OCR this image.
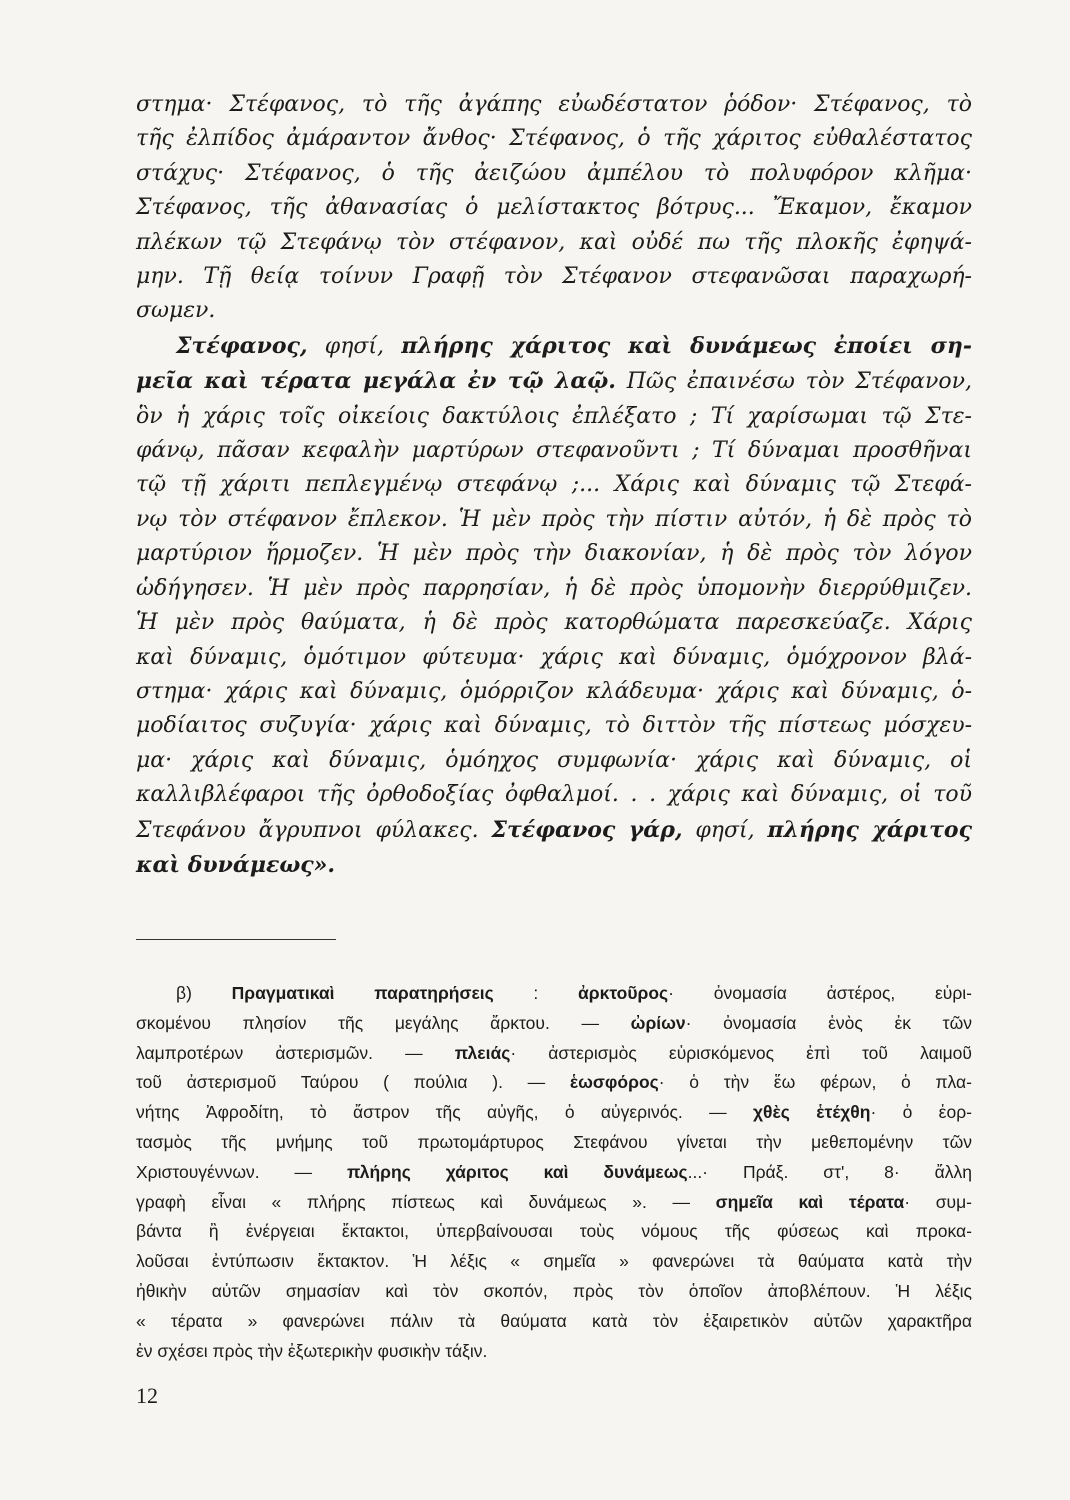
στημα· Στέφανος, τὸ τῆς ἀγάπης εὐωδέστατον ῥόδον· Στέφανος, τὸ
τῆς ἐλπίδος ἀμάραντον ἄνθος· Στέφανος, ὁ τῆς χάριτος εὐθαλέστατος
στάχυς· Στέφανος, ὁ τῆς ἀειζώου ἀμπέλου τὸ πολυφόρον κλῆμα·
Στέφανος, τῆς ἀθανασίας ὁ μελίστακτος βότρυς... Ἔκαμον, ἔκαμον
πλέκων τῷ Στεφάνῳ τὸν στέφανον, καὶ οὐδέ πω τῆς πλοκῆς ἐφηψά-
μην. Τῇ θείᾳ τοίνυν Γραφῇ τὸν Στέφανον στεφανῶσαι παραχωρή-
σωμεν.
Στέφανος, φησί, πλήρης χάριτος καὶ δυνάμεως ἐποίει ση-
μεῖα καὶ τέρατα μεγάλα ἐν τῷ λαῷ. Πῶς ἐπαινέσω τὸν Στέφανον,
ὃν ἡ χάρις τοῖς οἰκείοις δακτύλοις ἐπλέξατο ; Τί χαρίσωμαι τῷ Στε-
φάνῳ, πᾶσαν κεφαλὴν μαρτύρων στεφανοῦντι ; Τί δύναμαι προσθῆναι
τῷ τῇ χάριτι πεπλεγμένῳ στεφάνῳ ;... Χάρις καὶ δύναμις τῷ Στεφά-
νῳ τὸν στέφανον ἔπλεκον. Ἡ μὲν πρὸς τὴν πίστιν αὐτόν, ἡ δὲ πρὸς τὸ
μαρτύριον ἥρμοζεν. Ἡ μὲν πρὸς τὴν διακονίαν, ἡ δὲ πρὸς τὸν λόγον
ὡδήγησεν. Ἡ μὲν πρὸς παρρησίαν, ἡ δὲ πρὸς ὑπομονὴν διερρύθμιζεν.
Ἡ μὲν πρὸς θαύματα, ἡ δὲ πρὸς κατορθώματα παρεσκεύαζε. Χάρις
καὶ δύναμις, ὁμότιμον φύτευμα· χάρις καὶ δύναμις, ὁμόχρονον βλά-
στημα· χάρις καὶ δύναμις, ὁμόρριζον κλάδευμα· χάρις καὶ δύναμις, ὁ-
μοδίαιτος συζυγία· χάρις καὶ δύναμις, τὸ διττὸν τῆς πίστεως μόσχευ-
μα· χάρις καὶ δύναμις, ὁμόηχος συμφωνία· χάρις καὶ δύναμις, οἱ
καλλιβλέφαροι τῆς ὀρθοδοξίας ὀφθαλμοί. . . χάρις καὶ δύναμις, οἱ τοῦ
Στεφάνου ἄγρυπνοι φύλακες. Στέφανος γάρ, φησί, πλήρης χάριτος
καὶ δυνάμεως».
β) Πραγματικαὶ παρατηρήσεις : ἀρκτοῦρος· ὀνομασία ἀστέρος, εὑρι-
σκομένου πλησίον τῆς μεγάλης ἄρκτου. — ὠρίων· ὀνομασία ἑνὸς ἐκ τῶν
λαμπροτέρων ἀστερισμῶν. — πλειάς· ἀστερισμὸς εὑρισκόμενος ἐπὶ τοῦ λαιμοῦ
τοῦ ἀστερισμοῦ Ταύρου ( πούλια ). — ἑωσφόρος· ὁ τὴν ἕω φέρων, ὁ πλα-
νήτης Ἀφροδίτη, τὸ ἄστρον τῆς αὐγῆς, ὁ αὐγερινός. — χθὲς ἑτέχθη· ὁ ἑορ-
τασμὸς τῆς μνήμης τοῦ πρωτομάρτυρος Στεφάνου γίνεται τὴν μεθεπομένην τῶν
Χριστουγέννων. — πλήρης χάριτος καὶ δυνάμεως...· Πράξ. στ', 8· ἄλλη
γραφὴ εἶναι « πλήρης πίστεως καὶ δυνάμεως ». — σημεῖα καὶ τέρατα· συμ-
βάντα ἢ ἐνέργειαι ἔκτακτοι, ὑπερβαίνουσαι τοὺς νόμους τῆς φύσεως καὶ προκα-
λοῦσαι ἐντύπωσιν ἔκτακτον. Ἡ λέξις « σημεῖα » φανερώνει τὰ θαύματα κατὰ τὴν
ἠθικὴν αὐτῶν σημασίαν καὶ τὸν σκοπόν, πρὸς τὸν ὁποῖον ἀποβλέπουν. Ἡ λέξις
« τέρατα » φανερώνει πάλιν τὰ θαύματα κατὰ τὸν ἐξαιρετικὸν αὐτῶν χαρακτῆρα
ἐν σχέσει πρὸς τὴν ἐξωτερικὴν φυσικὴν τάξιν.
12
